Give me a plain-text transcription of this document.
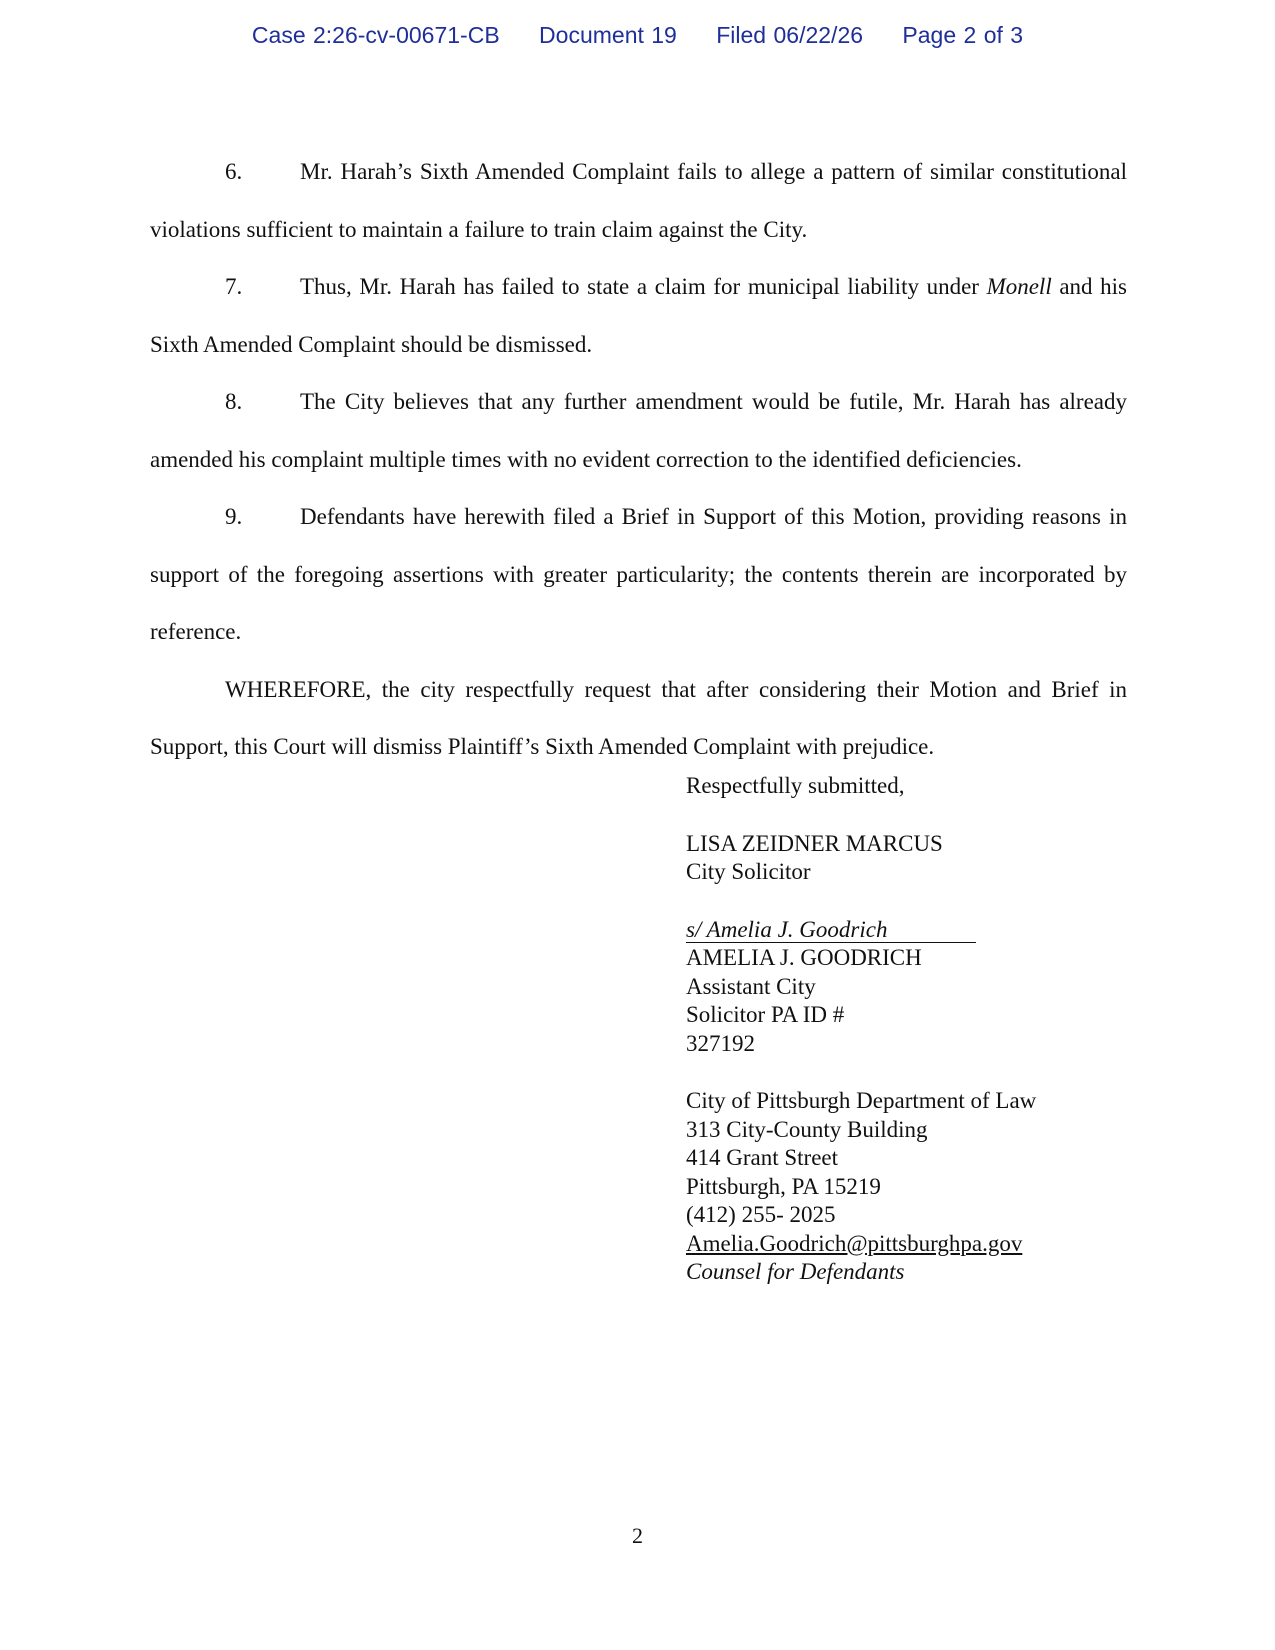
Case 2:26-cv-00671-CB Document 19 Filed 06/22/26 Page 2 of 3

6.	Mr. Harah’s Sixth Amended Complaint fails to allege a pattern of similar constitutional violations sufficient to maintain a failure to train claim against the City.

7.	Thus, Mr. Harah has failed to state a claim for municipal liability under Monell and his Sixth Amended Complaint should be dismissed.

8.	The City believes that any further amendment would be futile, Mr. Harah has already amended his complaint multiple times with no evident correction to the identified deficiencies.

9.	Defendants have herewith filed a Brief in Support of this Motion, providing reasons in support of the foregoing assertions with greater particularity; the contents therein are incorporated by reference.

WHEREFORE, the city respectfully request that after considering their Motion and Brief in Support, this Court will dismiss Plaintiff’s Sixth Amended Complaint with prejudice.

Respectfully submitted,
LISA ZEIDNER MARCUS
City Solicitor
s/ Amelia J. Goodrich
AMELIA J. GOODRICH
Assistant City
Solicitor PA ID #
327192
City of Pittsburgh Department of Law
313 City-County Building
414 Grant Street
Pittsburgh, PA 15219
(412) 255- 2025
Amelia.Goodrich@pittsburghpa.gov
Counsel for Defendants
2
